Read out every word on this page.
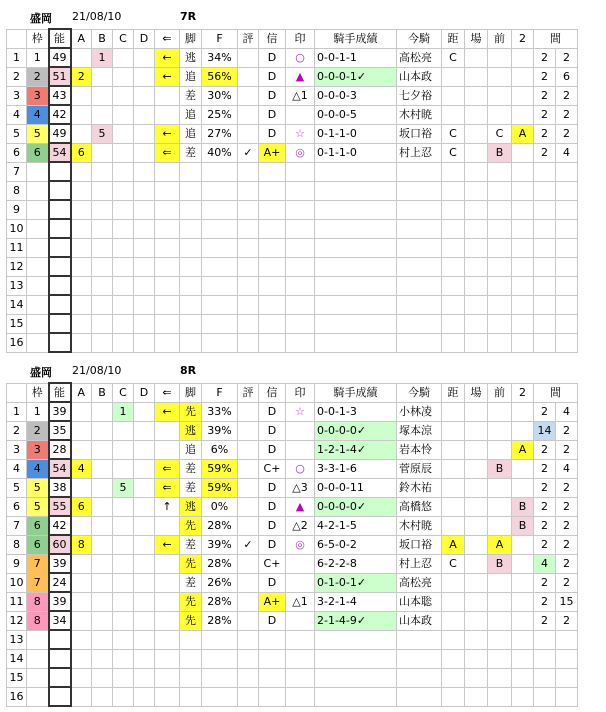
盛岡 21/08/10	7R
	枠	能	A	B	C	D	⇐	脚	F	評	信	印	騎手成績	今騎	距	場	前	2	間	
1	1	49		1			←	逃	34%		D	○	0-0-1-1	高松亮	C				2	2
2	2	51	2				←	追	56%		D	▲	0-0-0-1✓	山本政					2	6
3	3	43						差	30%		D	△1	0-0-0-3	七夕裕					2	2
4	4	42						追	25%		D		0-0-0-5	木村暁					2	2
5	5	49		5			←	追	27%		D	☆	0-1-1-0	坂口裕	C		C	A	2	2
6	6	54	6				⇐	差	40%	✓	A+	◎	0-1-1-0	村上忍	C		B		2	4
7																				
8																				
9																				
10																				
11																				
12																				
13																				
14																				
15																				
16																				
盛岡 21/08/10	8R
	枠	能	A	B	C	D	⇐	脚	F	評	信	印	騎手成績	今騎	距	場	前	2	間	
1	1	39			1		←	先	33%		D	☆	0-0-1-3	小林凌					2	4
2	2	35						逃	39%		D		0-0-0-0✓	塚本涼					14	2
3	3	28						追	6%		D		1-2-1-4✓	岩本怜				A	2	2
4	4	54	4				⇐	差	59%		C+	○	3-3-1-6	菅原辰			B		2	4
5	5	38			5		⇐	差	59%		D	△3	0-0-0-11	鈴木祐					2	2
6	5	55	6				↑	逃	0%		D	▲	0-0-0-0✓	高橋悠				B	2	2
7	6	42						先	28%		D	△2	4-2-1-5	木村暁				B	2	2
8	6	60	8				←	差	39%	✓	D	◎	6-5-0-2	坂口裕	A		A		2	2
9	7	39						先	28%		C+		6-2-2-8	村上忍	C		B		4	2
10	7	24						差	26%		D		0-1-0-1✓	高松亮					2	2
11	8	39						先	28%		A+	△1	3-2-1-4	山本聡					2	15
12	8	34						先	28%		D		2-1-4-9✓	山本政					2	2
13																				
14																				
15																				
16																				
